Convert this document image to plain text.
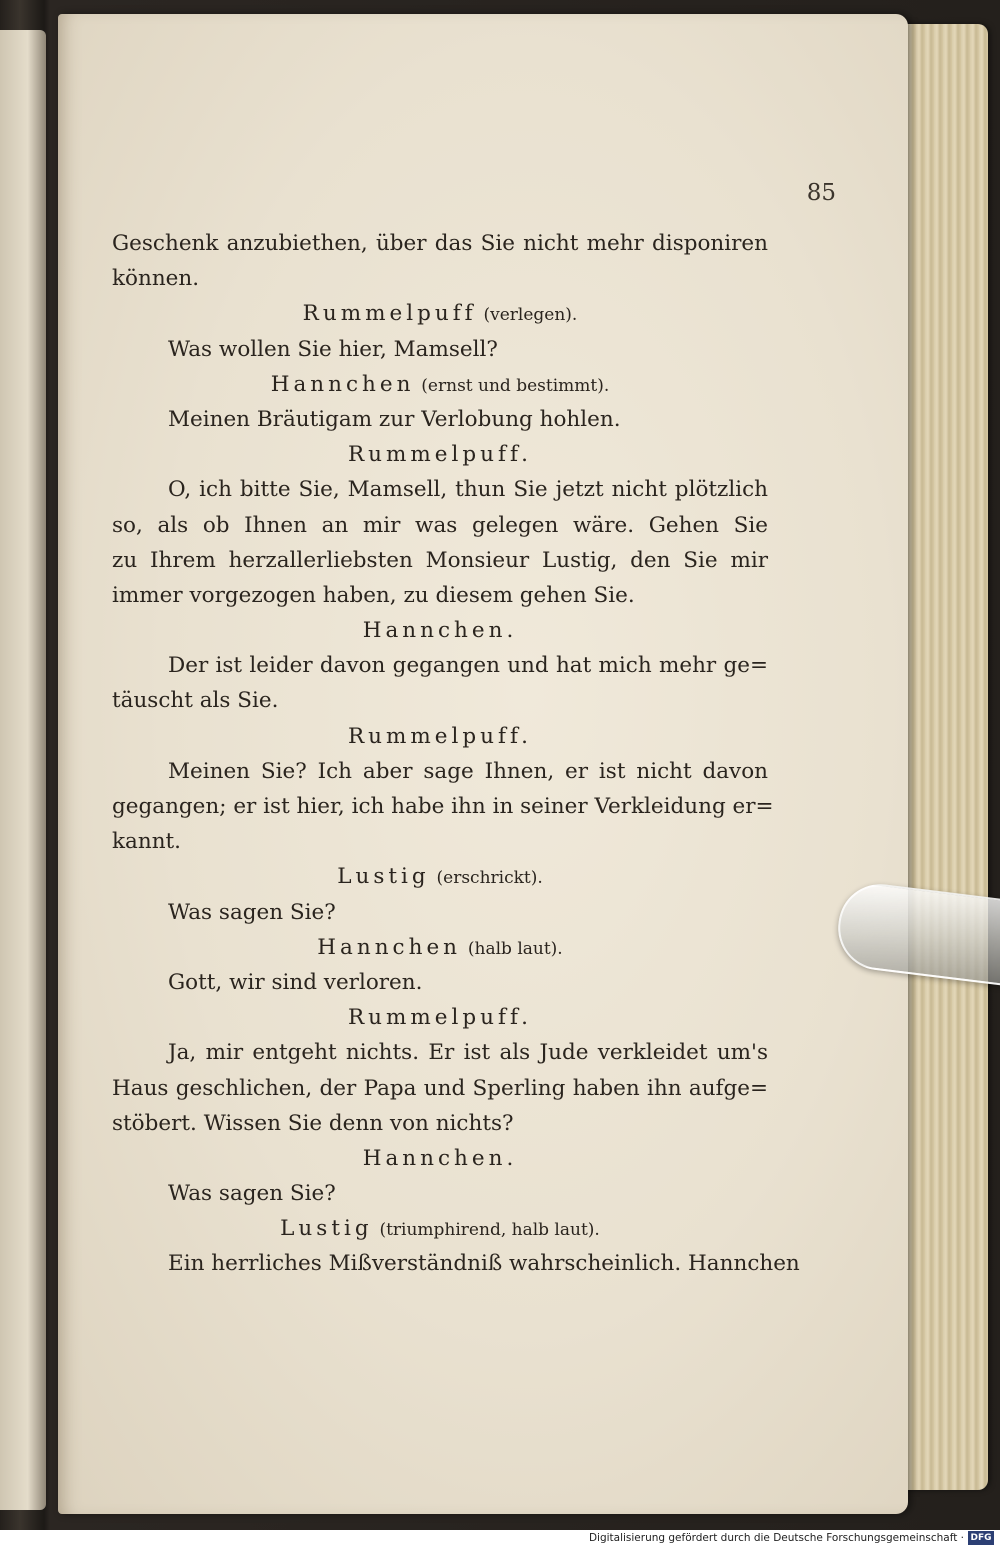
85
Geschenk anzubiethen, über das Sie nicht mehr disponiren
können.
Rummelpuff (verlegen).
Was wollen Sie hier, Mamsell?
Hannchen (ernst und bestimmt).
Meinen Bräutigam zur Verlobung hohlen.
Rummelpuff.
O, ich bitte Sie, Mamsell, thun Sie jetzt nicht plötzlich
so, als ob Ihnen an mir was gelegen wäre. Gehen Sie
zu Ihrem herzallerliebsten Monsieur Lustig, den Sie mir
immer vorgezogen haben, zu diesem gehen Sie.
Hannchen.
Der ist leider davon gegangen und hat mich mehr ge=
täuscht als Sie.
Rummelpuff.
Meinen Sie? Ich aber sage Ihnen, er ist nicht davon
gegangen; er ist hier, ich habe ihn in seiner Verkleidung er=
kannt.
Lustig (erschrickt).
Was sagen Sie?
Hannchen (halb laut).
Gott, wir sind verloren.
Rummelpuff.
Ja, mir entgeht nichts. Er ist als Jude verkleidet um's
Haus geschlichen, der Papa und Sperling haben ihn aufge=
stöbert. Wissen Sie denn von nichts?
Hannchen.
Was sagen Sie?
Lustig (triumphirend, halb laut).
Ein herrliches Mißverständniß wahrscheinlich. Hannchen
Digitalisierung gefördert durch die Deutsche Forschungsgemeinschaft · DFG
